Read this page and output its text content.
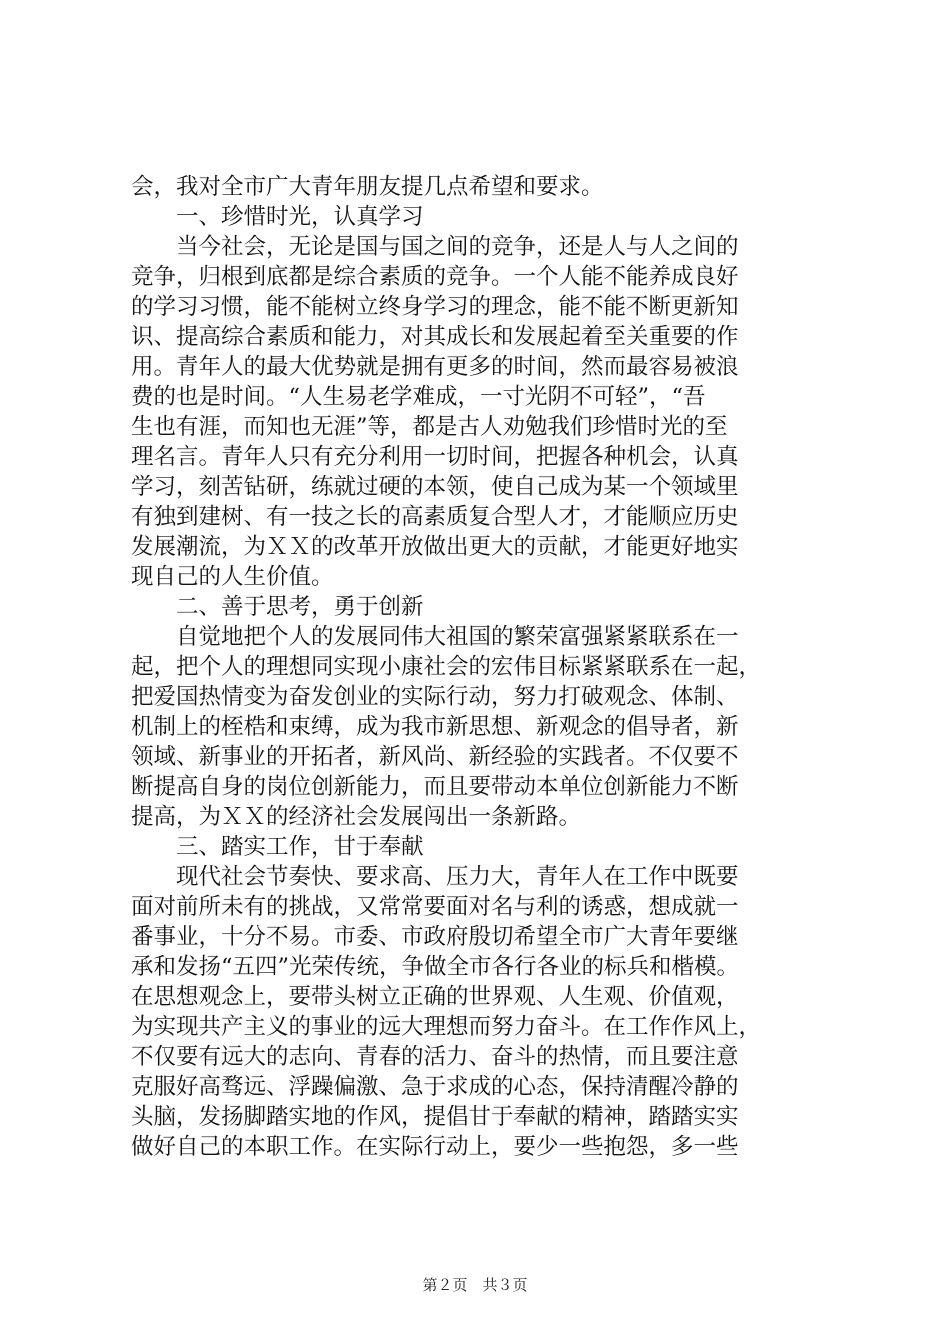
会，我对全市广大青年朋友提几点希望和要求。
一、珍惜时光，认真学习
当今社会，无论是国与国之间的竞争，还是人与人之间的
竞争，归根到底都是综合素质的竞争。一个人能不能养成良好
的学习习惯，能不能树立终身学习的理念，能不能不断更新知
识、提高综合素质和能力，对其成长和发展起着至关重要的作
用。青年人的最大优势就是拥有更多的时间，然而最容易被浪
费的也是时间。“人生易老学难成，一寸光阴不可轻”，“吾
生也有涯，而知也无涯”等，都是古人劝勉我们珍惜时光的至
理名言。青年人只有充分利用一切时间，把握各种机会，认真
学习，刻苦钻研，练就过硬的本领，使自己成为某一个领域里
有独到建树、有一技之长的高素质复合型人才，才能顺应历史
发展潮流，为ＸＸ的改革开放做出更大的贡献，才能更好地实
现自己的人生价值。
二、善于思考，勇于创新
自觉地把个人的发展同伟大祖国的繁荣富强紧紧联系在一
起，把个人的理想同实现小康社会的宏伟目标紧紧联系在一起，
把爱国热情变为奋发创业的实际行动，努力打破观念、体制、
机制上的桎梏和束缚，成为我市新思想、新观念的倡导者，新
领域、新事业的开拓者，新风尚、新经验的实践者。不仅要不
断提高自身的岗位创新能力，而且要带动本单位创新能力不断
提高，为ＸＸ的经济社会发展闯出一条新路。
三、踏实工作，甘于奉献
现代社会节奏快、要求高、压力大，青年人在工作中既要
面对前所未有的挑战，又常常要面对名与利的诱惑，想成就一
番事业，十分不易。市委、市政府殷切希望全市广大青年要继
承和发扬“五四”光荣传统，争做全市各行各业的标兵和楷模。
在思想观念上，要带头树立正确的世界观、人生观、价值观，
为实现共产主义的事业的远大理想而努力奋斗。在工作作风上，
不仅要有远大的志向、青春的活力、奋斗的热情，而且要注意
克服好高骛远、浮躁偏激、急于求成的心态，保持清醒冷静的
头脑，发扬脚踏实地的作风，提倡甘于奉献的精神，踏踏实实
做好自己的本职工作。在实际行动上，要少一些抱怨，多一些
第２页　共３页
